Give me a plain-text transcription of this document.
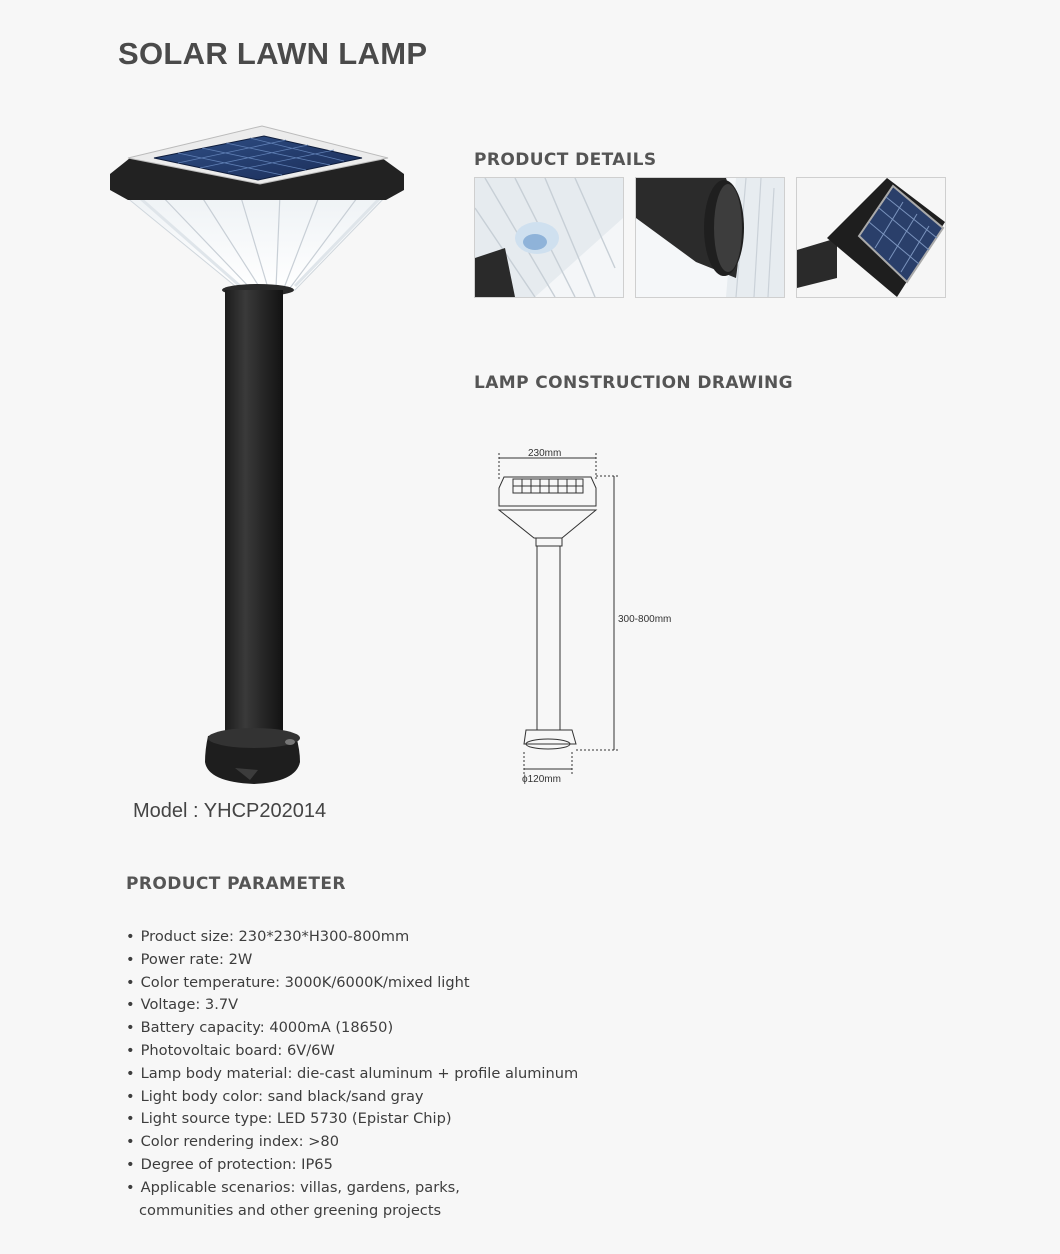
SOLAR LAWN LAMP
Model : YHCP202014
PRODUCT DETAILS
LAMP CONSTRUCTION DRAWING
230mm
300-800mm
ϕ120mm
PRODUCT PARAMETER
• Product size: 230*230*H300-800mm
• Power rate: 2W
• Color temperature: 3000K/6000K/mixed light
• Voltage: 3.7V
• Battery capacity: 4000mA (18650)
• Photovoltaic board: 6V/6W
• Lamp body material: die-cast aluminum + profile aluminum
• Light body color: sand black/sand gray
• Light source type: LED 5730 (Epistar Chip)
• Color rendering index: >80
• Degree of protection: IP65
• Applicable scenarios: villas, gardens, parks,
communities and other greening projects
